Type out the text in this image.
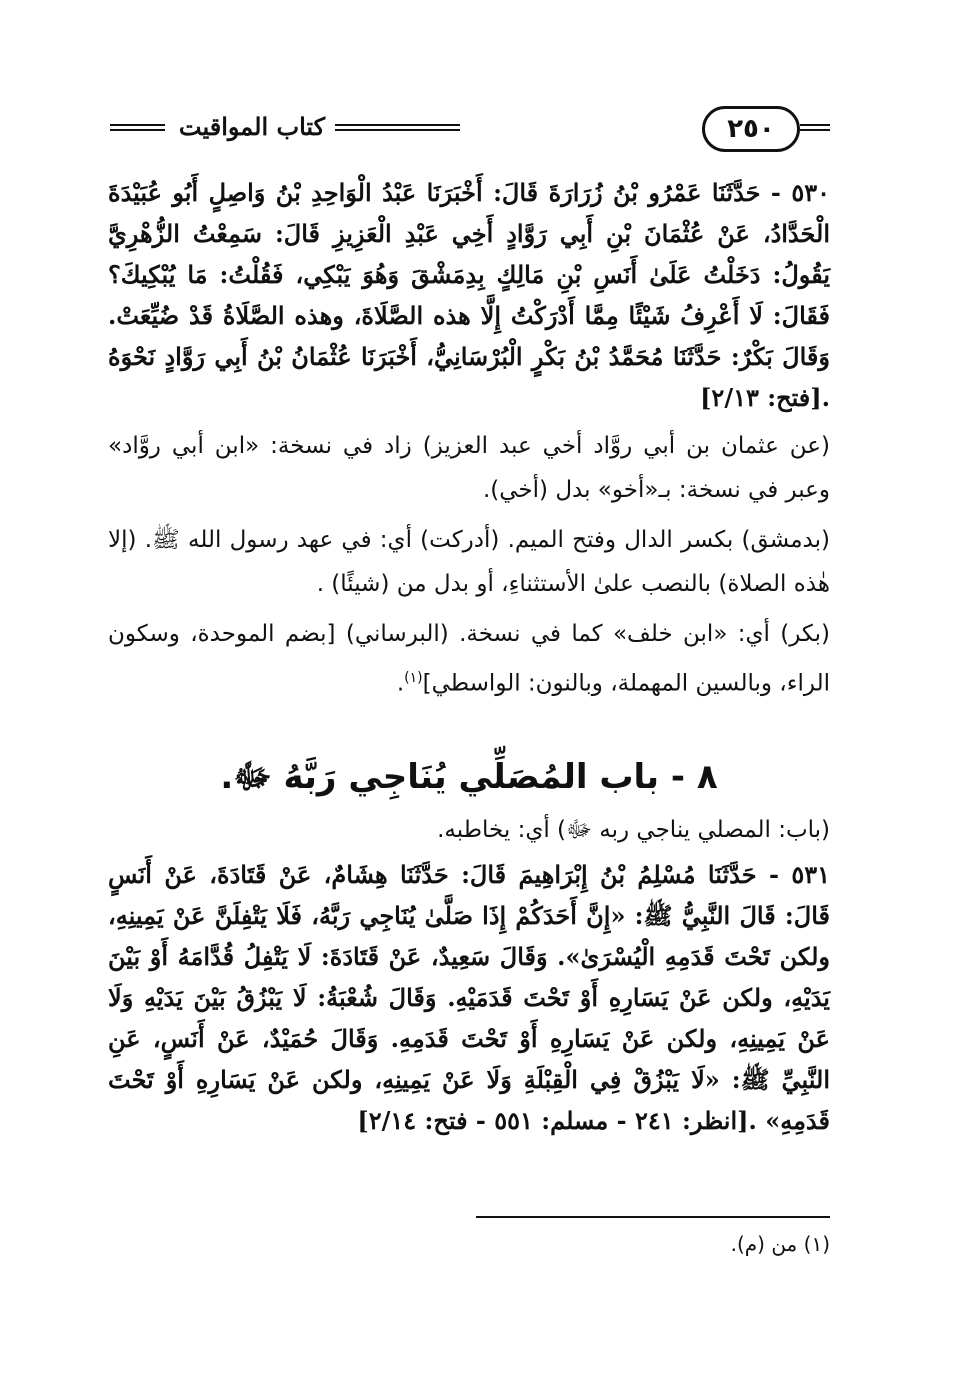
كتاب المواقيت	٢٥٠

٥٣٠ - حَدَّثَنَا عَمْرُو بْنُ زُرَارَةَ قَالَ: أَخْبَرَنَا عَبْدُ الْوَاحِدِ بْنُ وَاصِلٍ أَبُو عُبَيْدَةَ الْحَدَّادُ، عَنْ عُثْمَانَ بْنِ أَبِي رَوَّادٍ أَخِي عَبْدِ الْعَزِيزِ قَالَ: سَمِعْتُ الزُّهْرِيَّ يَقُولُ: دَخَلْتُ عَلَىٰ أَنَسِ بْنِ مَالِكٍ بِدِمَشْقَ وَهُوَ يَبْكِي، فَقُلْتُ: مَا يُبْكِيكَ؟ فَقَالَ: لَا أَعْرِفُ شَيْئًا مِمَّا أَدْرَكْتُ إِلَّا هذه الصَّلَاةَ، وهذه الصَّلَاةُ قَدْ ضُيِّعَتْ. وَقَالَ بَكْرٌ: حَدَّثَنَا مُحَمَّدُ بْنُ بَكْرٍ الْبُرْسَانِيُّ، أَخْبَرَنَا عُثْمَانُ بْنُ أَبِي رَوَّادٍ نَحْوَهُ .[فتح: ٢/١٣]

(عن عثمان بن أبي روَّاد أخي عبد العزيز) زاد في نسخة: «ابن أبي روَّاد» وعبر في نسخة: بـ«أخو» بدل (أخي).

(بدمشق) بكسر الدال وفتح الميم. (أدركت) أي: في عهد رسول الله ﷺ. (إلا هٰذه الصلاة) بالنصب علىٰ الأستثناءِ، أو بدل من (شيئًا) .

(بكر) أي: «ابن خلف» كما في نسخة. (البرساني) [بضم الموحدة، وسكون الراء، وبالسين المهملة، وبالنون: الواسطي]$^{(١)}$.

٨ - باب المُصَلِّي يُنَاجِي رَبَّهُ ﷻ.

(باب: المصلي يناجي ربه ﷻ) أي: يخاطبه.

٥٣١ - حَدَّثَنَا مُسْلِمُ بْنُ إِبْرَاهِيمَ قَالَ: حَدَّثَنَا هِشَامٌ، عَنْ قَتَادَةَ، عَنْ أَنَسٍ قَالَ: قَالَ النَّبِيُّ ﷺ: «إِنَّ أَحَدَكُمْ إِذَا صَلَّىٰ يُنَاجِي رَبَّهُ، فَلَا يَتْفِلَنَّ عَنْ يَمِينِهِ، ولكن تَحْتَ قَدَمِهِ الْيُسْرَىٰ». وَقَالَ سَعِيدٌ، عَنْ قَتَادَةَ: لَا يَتْفِلُ قُدَّامَهُ أَوْ بَيْنَ يَدَيْهِ، ولكن عَنْ يَسَارِهِ أَوْ تَحْتَ قَدَمَيْهِ. وَقَالَ شُعْبَةُ: لَا يَبْزُقُ بَيْنَ يَدَيْهِ وَلَا عَنْ يَمِينِهِ، ولكن عَنْ يَسَارِهِ أَوْ تَحْتَ قَدَمِهِ. وَقَالَ حُمَيْدٌ، عَنْ أَنَسٍ، عَنِ النَّبِيِّ ﷺ: «لَا يَبْزُقْ فِي الْقِبْلَةِ وَلَا عَنْ يَمِينِهِ، ولكن عَنْ يَسَارِهِ أَوْ تَحْتَ قَدَمِهِ» .[انظر: ٢٤١ - مسلم: ٥٥١ - فتح: ٢/١٤]

(١) من (م).
